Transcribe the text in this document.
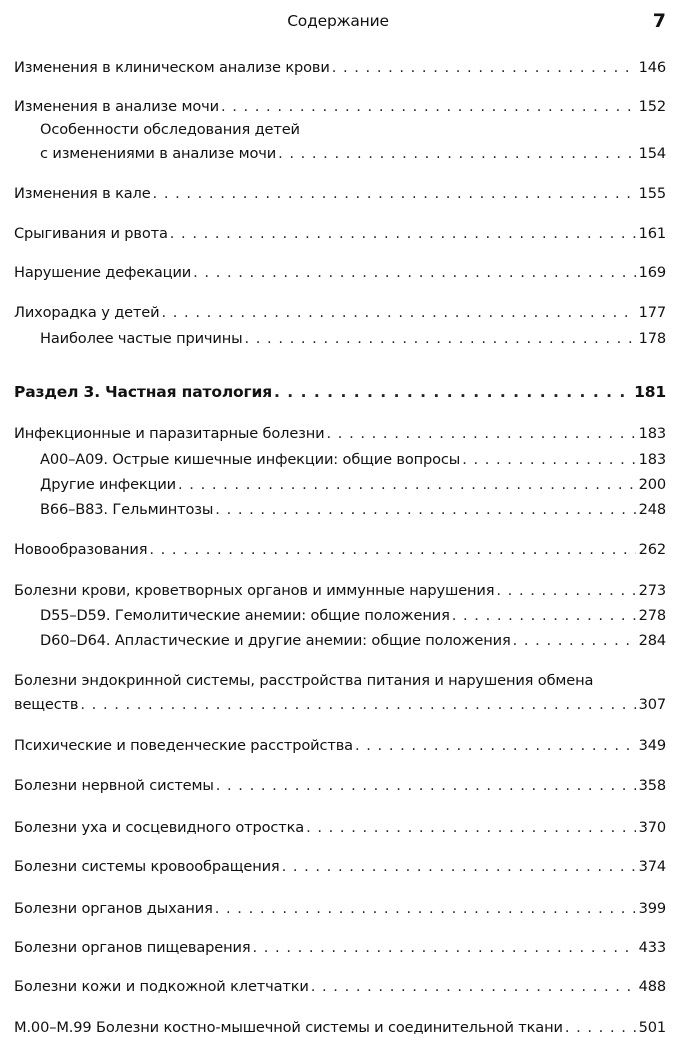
Содержание	7
Изменения в клиническом анализе крови . . .	146
Изменения в анализе мочи . . .	152
Особенности обследования детей
с изменениями в анализе мочи . . .	154
Изменения в кале . . .	155
Срыгивания и рвота . . .	161
Нарушение дефекации . . .	169
Лихорадка у детей . . .	177
Наиболее частые причины . . .	178
Раздел 3. Частная патология . . .	181
Инфекционные и паразитарные болезни . . .	183
A00–A09. Острые кишечные инфекции: общие вопросы . . .	183
Другие инфекции . . .	200
B66–B83. Гельминтозы . . .	248
Новообразования . . .	262
Болезни крови, кроветворных органов и иммунные нарушения . . .	273
D55–D59. Гемолитические анемии: общие положения . . .	278
D60–D64. Апластические и другие анемии: общие положения . . .	284
Болезни эндокринной системы, расстройства питания и нарушения обмена
веществ . . .	307
Психические и поведенческие расстройства . . .	349
Болезни нервной системы . . .	358
Болезни уха и сосцевидного отростка . . .	370
Болезни системы кровообращения . . .	374
Болезни органов дыхания . . .	399
Болезни органов пищеварения . . .	433
Болезни кожи и подкожной клетчатки . . .	488
M.00–M.99 Болезни костно-мышечной системы и соединительной ткани . . .	501
